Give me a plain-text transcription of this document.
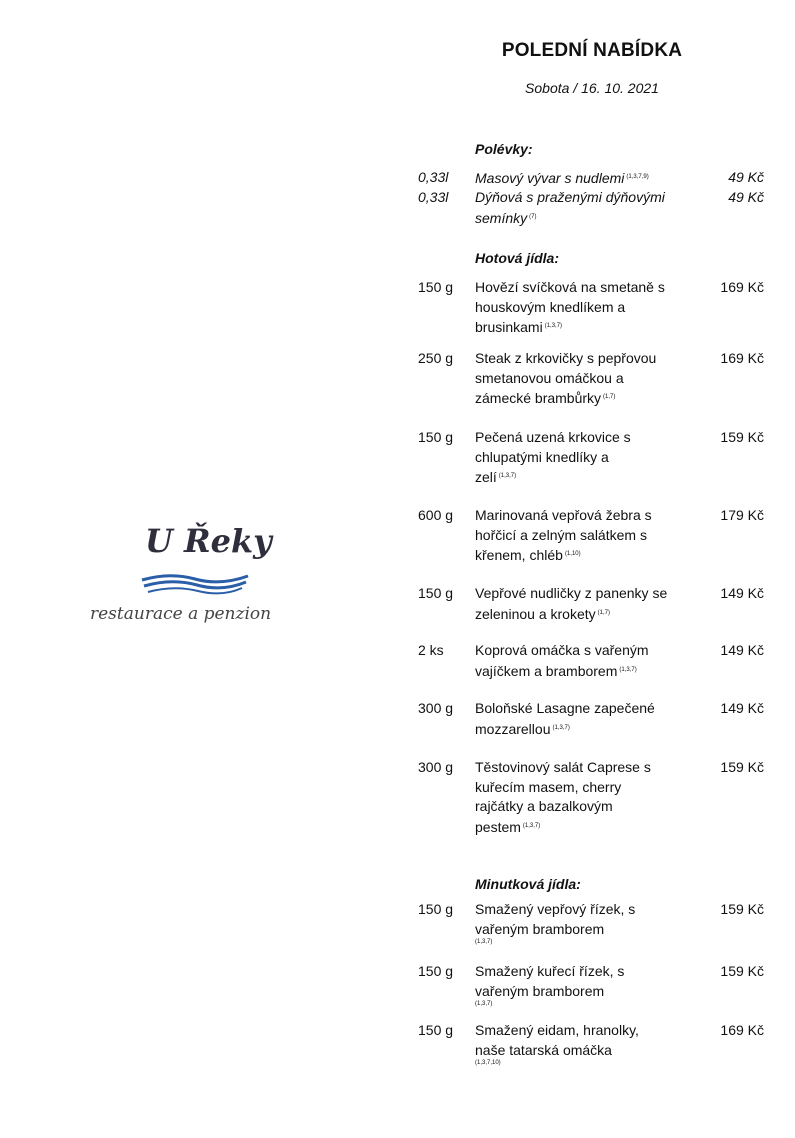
POLEDNÍ NABÍDKA
Sobota / 16. 10. 2021
U Řeky
restaurace a penzion
Polévky:
0,33l Masový vývar s nudlemi $^{(1,3,7,9)}$	49 Kč
0,33l Dýňová s praženými dýňovými semínky $^{(7)}$
49 Kč
Hotová jídla:
150 g Hovězí svíčková na smetaně s houskovým knedlíkem a brusinkami $^{(1,3,7)}$
169 Kč
250 g Steak z krkovičky s pepřovou smetanovou omáčkou a zámecké brambůrky $^{(1,7)}$
169 Kč
150 g Pečená uzená krkovice s chlupatými knedlíky a zelí $^{(1,3,7)}$
159 Kč
600 g Marinovaná vepřová žebra s hořčicí a zelným salátkem s křenem, chléb $^{(1,10)}$
179 Kč
150 g Vepřové nudličky z panenky se zeleninou a krokety $^{(1,7)}$
149 Kč
2 ks Koprová omáčka s vařeným vajíčkem a bramborem $^{(1,3,7)}$
149 Kč
300 g Boloňské Lasagne zapečené mozzarellou $^{(1,3,7)}$
149 Kč
300 g Těstovinový salát Caprese s kuřecím masem, cherry rajčátky a bazalkovým pestem $^{(1,3,7)}$
159 Kč
Minutková jídla:
150 g Smažený vepřový řízek, s vařeným bramborem
(1,3,7)
159 Kč
150 g Smažený kuřecí řízek, s vařeným bramborem
(1,3,7)
159 Kč
150 g Smažený eidam, hranolky, naše tatarská omáčka
(1,3,7,10)
169 Kč
